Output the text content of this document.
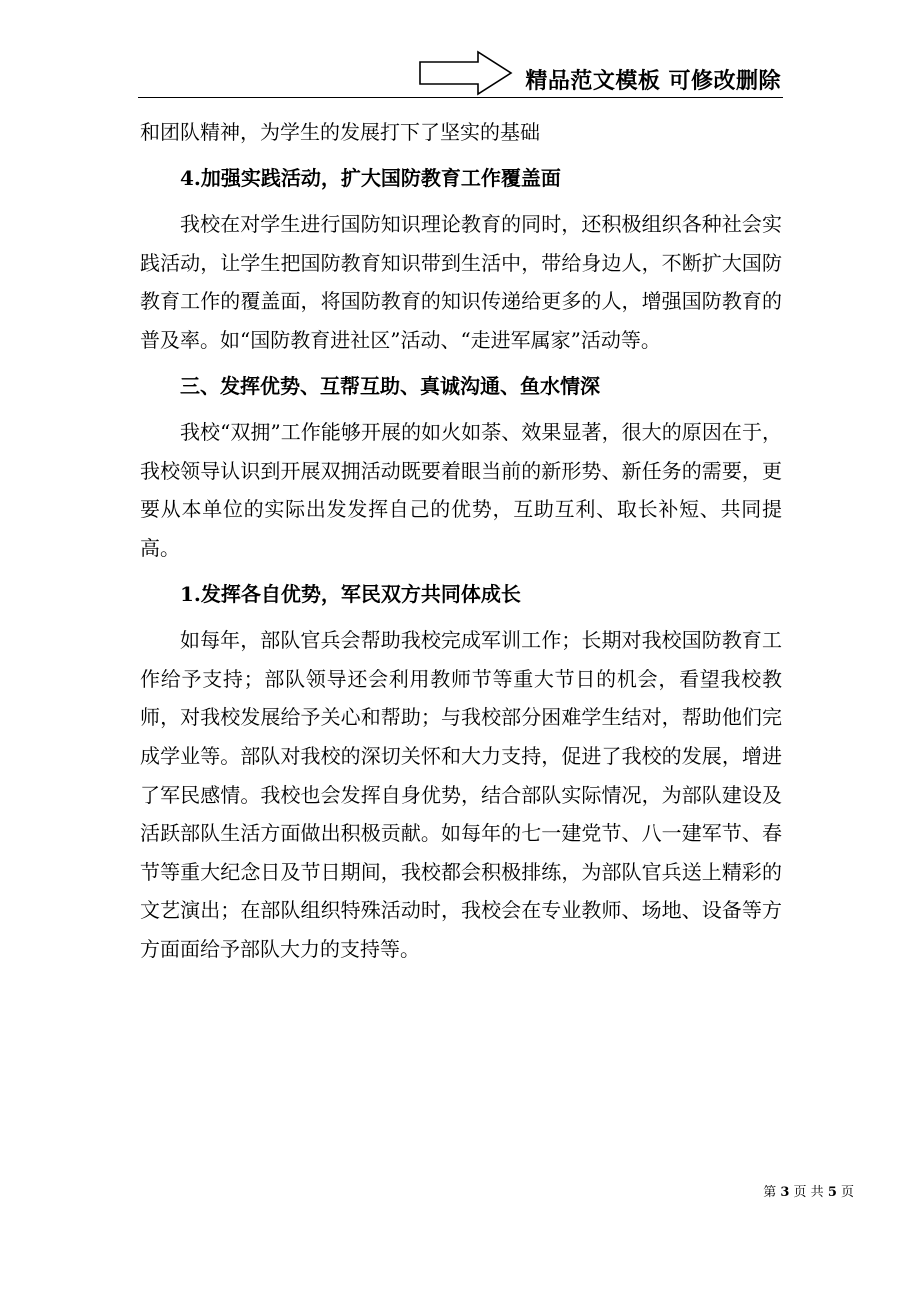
精品范文模板 可修改删除

和团队精神，为学生的发展打下了坚实的基础

4.加强实践活动，扩大国防教育工作覆盖面

我校在对学生进行国防知识理论教育的同时，还积极组织各种社会实践活动，让学生把国防教育知识带到生活中，带给身边人，不断扩大国防教育工作的覆盖面，将国防教育的知识传递给更多的人，增强国防教育的普及率。如“国防教育进社区”活动、“走进军属家”活动等。

三、发挥优势、互帮互助、真诚沟通、鱼水情深

我校“双拥”工作能够开展的如火如荼、效果显著，很大的原因在于，我校领导认识到开展双拥活动既要着眼当前的新形势、新任务的需要，更要从本单位的实际出发发挥自己的优势，互助互利、取长补短、共同提高。

1.发挥各自优势，军民双方共同体成长

如每年，部队官兵会帮助我校完成军训工作；长期对我校国防教育工作给予支持；部队领导还会利用教师节等重大节日的机会，看望我校教师，对我校发展给予关心和帮助；与我校部分困难学生结对，帮助他们完成学业等。部队对我校的深切关怀和大力支持，促进了我校的发展，增进了军民感情。我校也会发挥自身优势，结合部队实际情况，为部队建设及活跃部队生活方面做出积极贡献。如每年的七一建党节、八一建军节、春节等重大纪念日及节日期间，我校都会积极排练，为部队官兵送上精彩的文艺演出；在部队组织特殊活动时，我校会在专业教师、场地、设备等方方面面给予部队大力的支持等。

第 3 页 共 5 页
